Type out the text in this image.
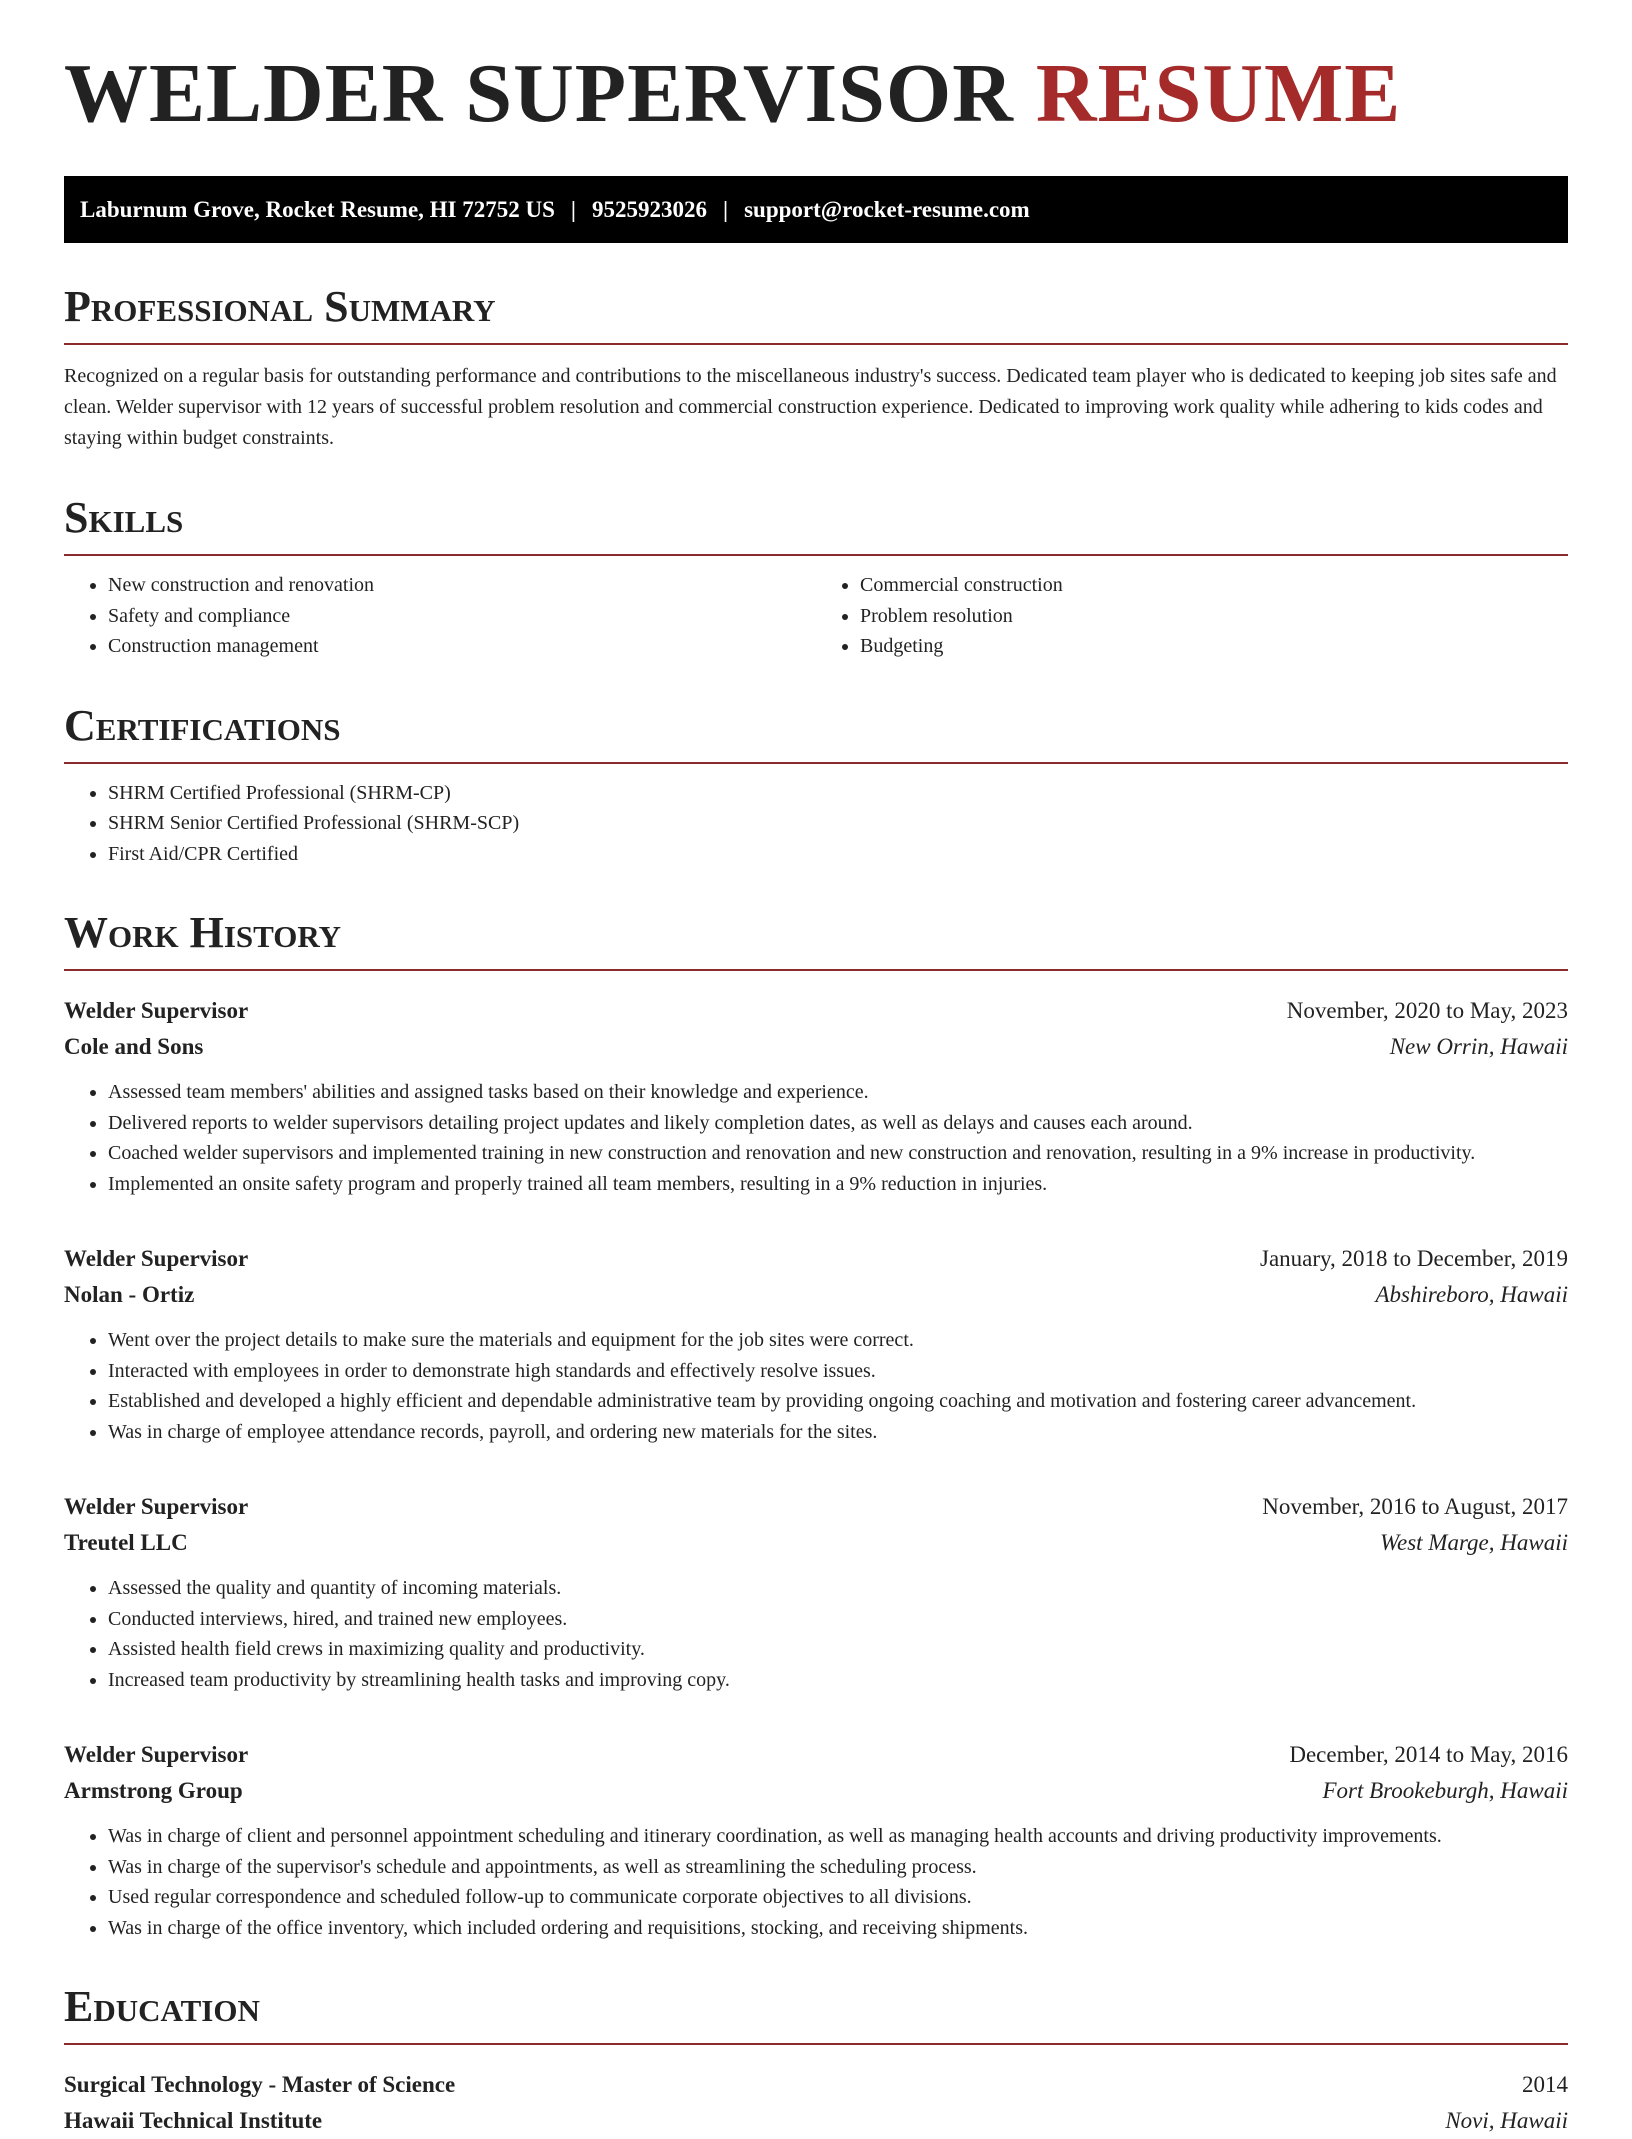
WELDER SUPERVISOR RESUME
Laburnum Grove, Rocket Resume, HI 72752 US | 9525923026 | support@rocket-resume.com
Professional Summary

Recognized on a regular basis for outstanding performance and contributions to the miscellaneous industry's success. Dedicated team player who is dedicated to keeping job sites safe and clean. Welder supervisor with 12 years of successful problem resolution and commercial construction experience. Dedicated to improving work quality while adhering to kids codes and staying within budget constraints.

Skills
• New construction and renovation
• Safety and compliance
• Construction management
• Commercial construction
• Problem resolution
• Budgeting
Certifications
• SHRM Certified Professional (SHRM-CP)
• SHRM Senior Certified Professional (SHRM-SCP)
• First Aid/CPR Certified
Work History
Welder Supervisor	November, 2020 to May, 2023
Cole and Sons	New Orrin, Hawaii
• Assessed team members' abilities and assigned tasks based on their knowledge and experience.
• Delivered reports to welder supervisors detailing project updates and likely completion dates, as well as delays and causes each around.
• Coached welder supervisors and implemented training in new construction and renovation and new construction and renovation, resulting in a 9% increase in productivity.
• Implemented an onsite safety program and properly trained all team members, resulting in a 9% reduction in injuries.
Welder Supervisor	January, 2018 to December, 2019
Nolan - Ortiz	Abshireboro, Hawaii
• Went over the project details to make sure the materials and equipment for the job sites were correct.
• Interacted with employees in order to demonstrate high standards and effectively resolve issues.
• Established and developed a highly efficient and dependable administrative team by providing ongoing coaching and motivation and fostering career advancement.
• Was in charge of employee attendance records, payroll, and ordering new materials for the sites.
Welder Supervisor	November, 2016 to August, 2017
Treutel LLC	West Marge, Hawaii
• Assessed the quality and quantity of incoming materials.
• Conducted interviews, hired, and trained new employees.
• Assisted health field crews in maximizing quality and productivity.
• Increased team productivity by streamlining health tasks and improving copy.
Welder Supervisor	December, 2014 to May, 2016
Armstrong Group	Fort Brookeburgh, Hawaii
• Was in charge of client and personnel appointment scheduling and itinerary coordination, as well as managing health accounts and driving productivity improvements.
• Was in charge of the supervisor's schedule and appointments, as well as streamlining the scheduling process.
• Used regular correspondence and scheduled follow-up to communicate corporate objectives to all divisions.
• Was in charge of the office inventory, which included ordering and requisitions, stocking, and receiving shipments.
Education
Surgical Technology - Master of Science	2014
Hawaii Technical Institute	Novi, Hawaii
